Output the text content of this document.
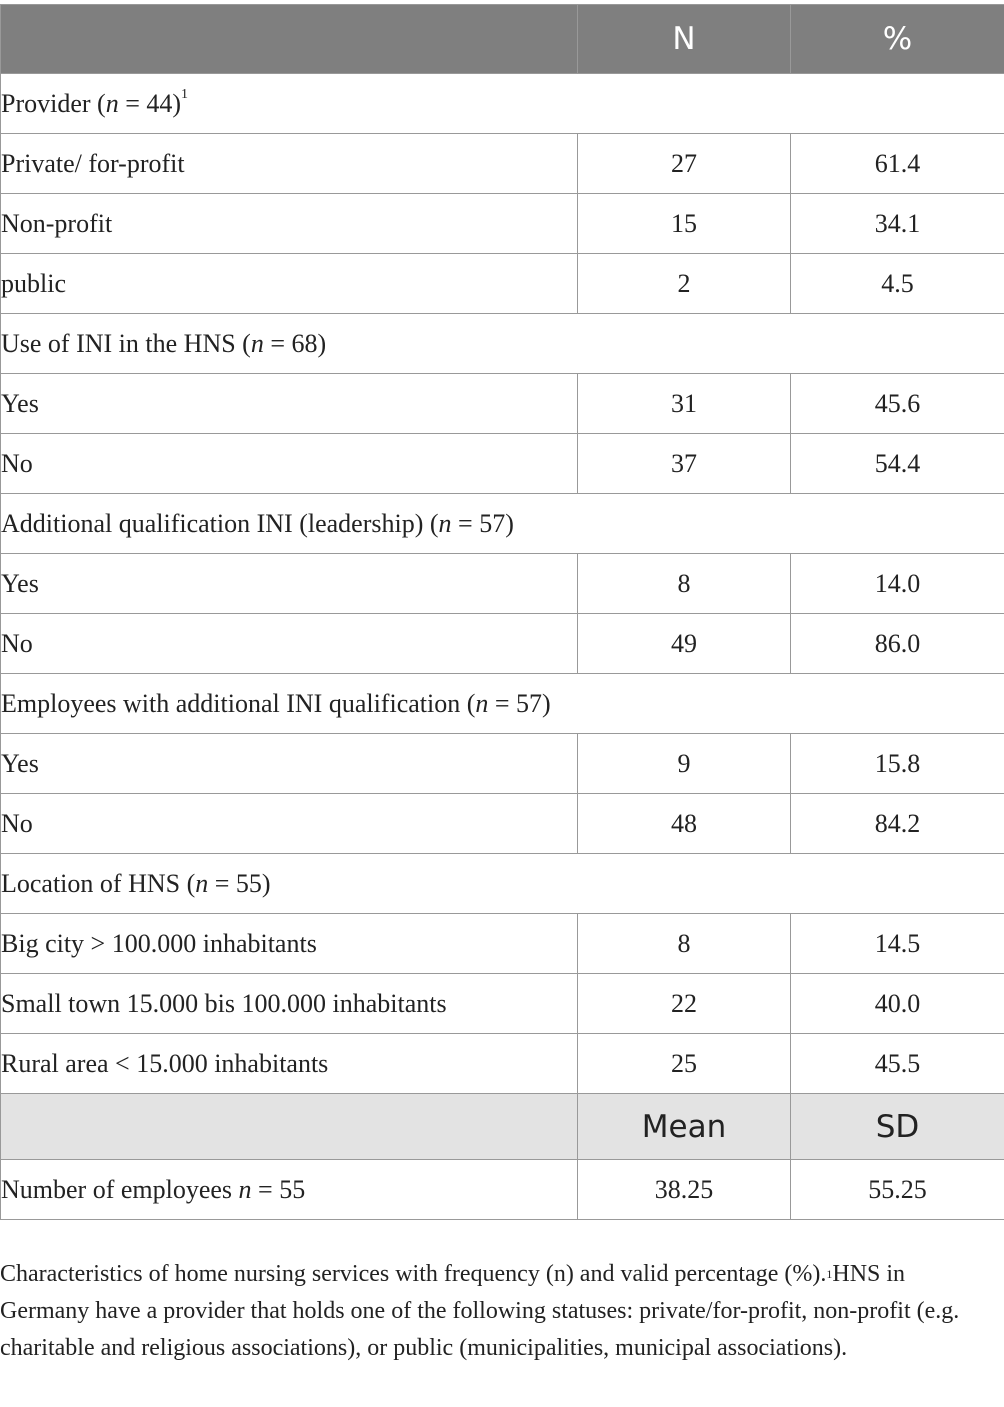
	N	%
Provider (n = 44)$^1$
Private/ for-profit	27	61.4
Non-profit	15	34.1
public	2	4.5
Use of INI in the HNS (n = 68)		
Yes	31	45.6
No	37	54.4
Additional qualification INI (leadership) (n = 57)		
Yes	8	14.0
No	49	86.0
Employees with additional INI qualification (n = 57)		
Yes	9	15.8
No	48	84.2
Location of HNS (n = 55)		
Big city > 100.000 inhabitants	8	14.5
Small town 15.000 bis 100.000 inhabitants	22	40.0
Rural area < 15.000 inhabitants	25	45.5
	Mean	SD
Number of employees n = 55	38.25	55.25
Characteristics of home nursing services with frequency (n) and valid percentage (%).$^1$HNS in Germany have a provider that holds one of the following statuses: private/for-profit, non-profit (e.g. charitable and religious associations), or public (municipalities, municipal associations).
